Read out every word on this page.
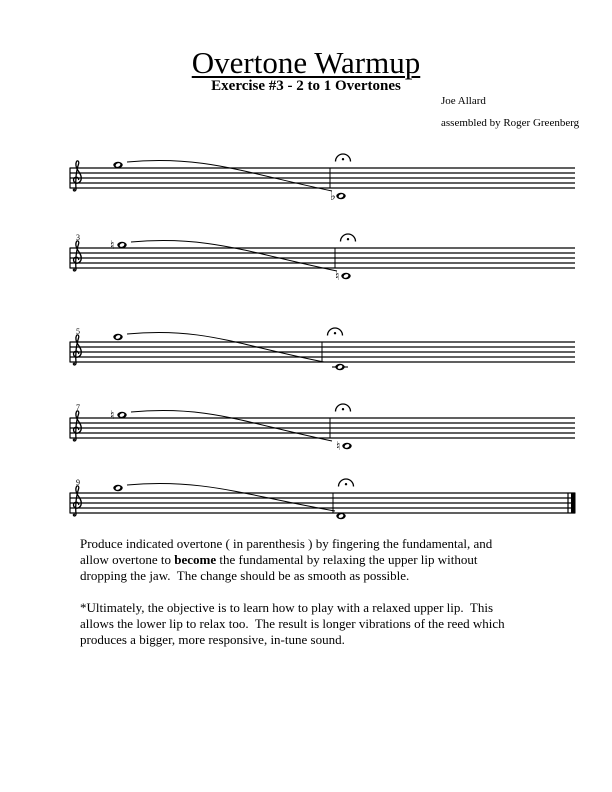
Overtone Warmup
Exercise #3 - 2 to 1 Overtones
Joe Allard
assembled by Roger Greenberg
♭
3
♮
♮
5
7
♮
♮
9
Produce indicated overtone ( in parenthesis ) by fingering the fundamental, and
allow overtone to become the fundamental by relaxing the upper lip without
dropping the jaw.  The change should be as smooth as possible.
*Ultimately, the objective is to learn how to play with a relaxed upper lip.  This
allows the lower lip to relax too.  The result is longer vibrations of the reed which
produces a bigger, more responsive, in-tune sound.
